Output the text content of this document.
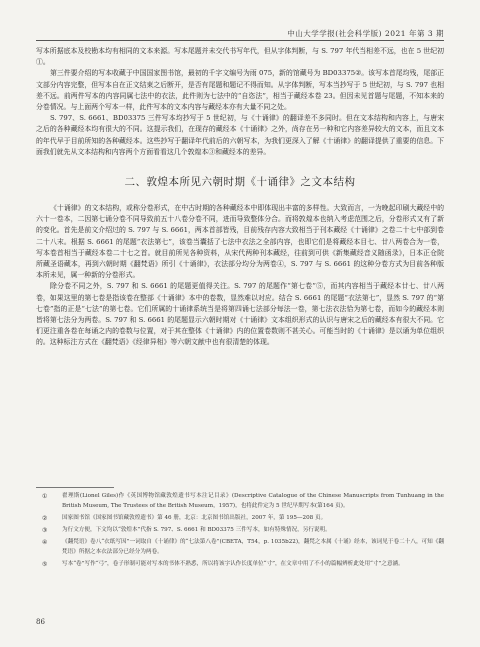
中山大学学报(社会科学版) 2021 年第 3 期

写本所据底本及校勘本均有相同的文本来源。写本尾题并未交代书写年代，但从字体判断，与 S. 797 年代当相差不远，也在 5 世纪初①。

第三件要介绍的写本收藏于中国国家图书馆，最初的千字文编号为雨 075，新的馆藏号为 BD03375②。该写本首尾均残，尾部正文部分内容完整，但写本自在正文结束之后断开，是否有尾题和题记不得而知。从字体判断，写本当抄写于 5 世纪初，与 S. 797 也相差不远。前两件写本的内容同属七法中的衣法，此件则为七法中的“自恣法”，相当于藏经本卷 23。但因未见首题与尾题，不知本来的分卷情况。与上面两个写本一样，此件写本的文本内容与藏经本亦有大量不同之处。

S. 797、S. 6661、BD03375 三件写本均抄写于 5 世纪初，与《十诵律》的翻译差不多同时。但在文本结构和内容上，与唐宋之后的各种藏经本均有很大的不同。这提示我们，在现存的藏经本《十诵律》之外，尚存在另一种和它内容差异较大的文本，而且文本的年代早于目前所知的各种藏经本。这些抄写于翻译年代前后的六朝写本，为我们更深入了解《十诵律》的翻译提供了重要的信息。下面我们就先从文本结构和内容两个方面看看这几个敦煌本③和藏经本的差异。

二、敦煌本所见六朝时期《十诵律》之文本结构

《十诵律》的文本结构，或称分卷形式，在中古时期的各种藏经本中即体现出丰富的多样性。大致而言，一为晚起印刷大藏经中的六十一卷本，二因第七诵分卷不同导致前五十八卷分卷不同，进而导致整体分合。而将敦煌本也纳入考虑范围之后，分卷形式又有了新的变化。首先是前文介绍过的 S. 797 与 S. 6661，两本首部皆残，目前残存内容大致相当于刊本藏经《十诵律》之卷二十七中部到卷二十八末。根据 S. 6661 的尾题“衣法第七”，该卷当囊括了七法中衣法之全部内容，也即它们是将藏经本目七、廿八两卷合为一卷，写本卷首相当于藏经本卷二十七之首。就目前所见各种资料，从宋代两种刊本藏经，往前到可供《新集藏经音义随函录》，日本正仓院所藏圣语藏本，再到六朝时期《翻梵语》所引《十诵律》，衣法部分均分为两卷④，S. 797 与 S. 6661 的这种分卷方式为目前各种版本所未见，属一种新的分卷形式。

除分卷不同之外，S. 797 和 S. 6661 的尾题更值得关注。S. 797 的尾题作“第七卷”⑤，而其内容相当于藏经本廿七、廿八两卷，如果这里的第七卷是指该卷在整部《十诵律》本中的卷数，显然难以对应。结合 S. 6661 的尾题“衣法第七”，显然 S. 797 的“第七卷”指的正是“七法”的第七卷。它们所属的十诵律系统当是将第四诵七法部分每法一卷，第七法衣法恰为第七卷，而如今的藏经本则皆将第七法分为两卷。S. 797 和 S. 6661 的尾题显示六朝时期对《十诵律》文本组织形式的认识与唐宋之后的藏经本有很大不同。它们更注重各卷在每诵之内的卷数与位置，对于其在整体《十诵律》内的位置卷数则不甚关心。可能当时的《十诵律》是以诵为单位组织的。这种标注方式在《翻梵语》《经律异相》等六朝文献中也有很清楚的体现。

①	翟理斯(Lionel Giles)作《英国博物馆藏敦煌遗书写本注记目录》(Descriptive Catalogue of the Chinese Manuscripts from Tunhuang in the British Museum, The Trustees of the British Museum，1957)，也将此件定为 5 世纪早期写本(第164 页)。
②	国家图书馆《国家图书馆藏敦煌遗书》第 46 册，北京：北京图书馆出版社，2007 年，第 195—208 页。
③	为行文方便，下文均以“敦煌本”代指 S. 797、S. 6661 和 BD03375 三件写本，如有特殊情况，另行说明。
④	《翻梵语》卷八“衣纸写因”一词取自《十诵律》的“七法第八卷”(CBETA，T54，p. 1035b22)，翻梵之本属《十诵》经本，该词见于卷二十八，可知《翻梵语》所据之本衣法部分已经分为两卷。
⑤	写本“卷”写作“弓”，卷子形制可能对写本的书体不熟悉，所以将该字认作长度单位“寸”，在文章中用了不小的篇幅辨析此处用“寸”之意涵。
86
